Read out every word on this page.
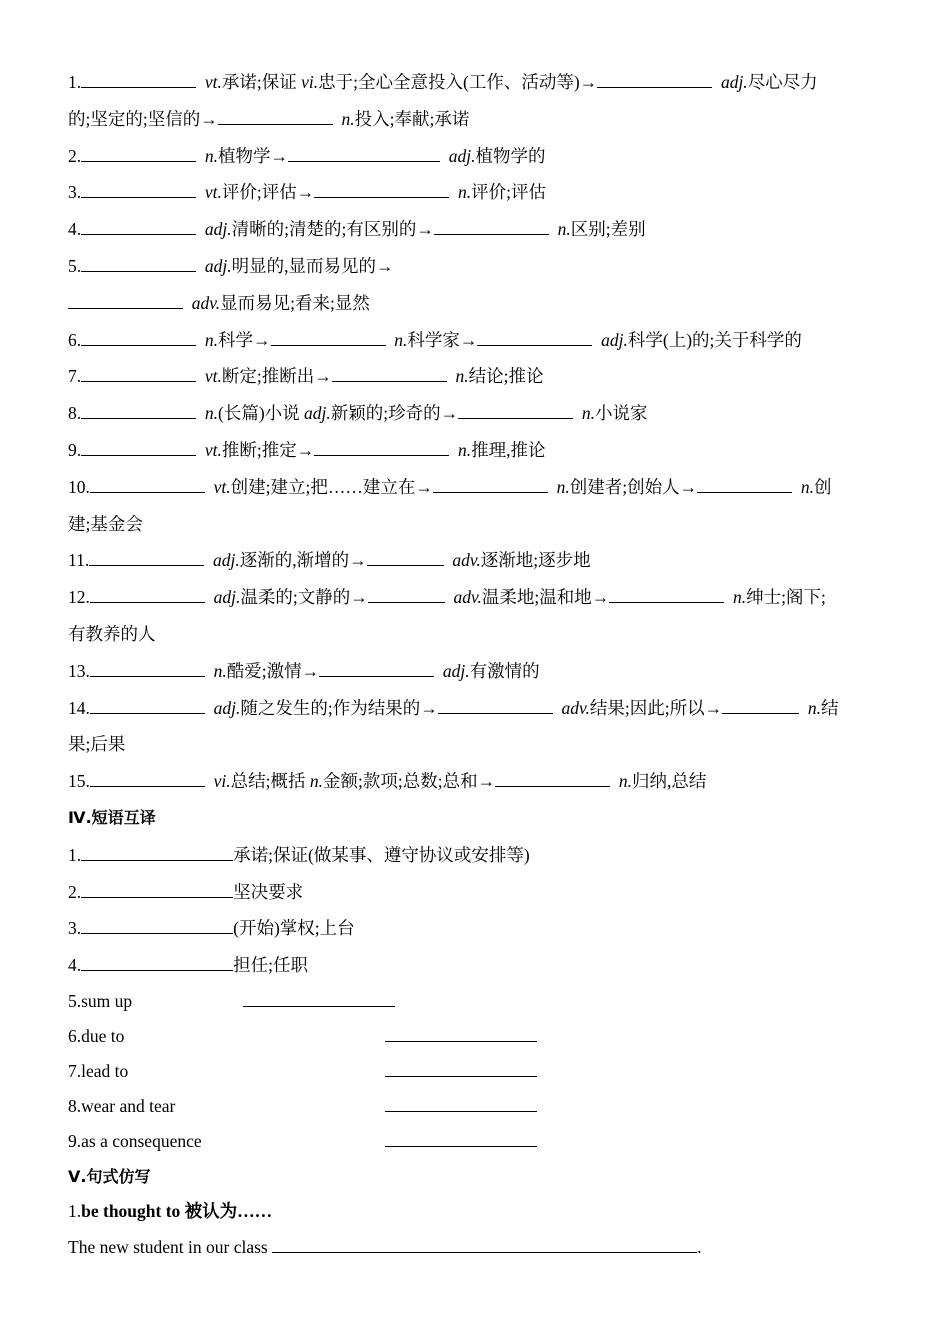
1.	vt.承诺;保证 vi.忠于;全心全意投入(工作、活动等)→	adj.尽心尽力
的;坚定的;坚信的→	n.投入;奉献;承诺
2.	n.植物学→	adj.植物学的
3.	vt.评价;评估→	n.评价;评估
4.	adj.清晰的;清楚的;有区别的→	n.区别;差别
5.	adj.明显的,显而易见的→
adv.显而易见;看来;显然
6.	n.科学→	n.科学家→	adj.科学(上)的;关于科学的
7.	vt.断定;推断出→	n.结论;推论
8.	n.(长篇)小说 adj.新颖的;珍奇的→	n.小说家
9.	vt.推断;推定→	n.推理,推论
10.	vt.创建;建立;把……建立在→	n.创建者;创始人→	n.创
建;基金会
11.	adj.逐渐的,渐增的→	adv.逐渐地;逐步地
12.	adj.温柔的;文静的→	adv.温柔地;温和地→	n.绅士;阁下;
有教养的人
13.	n.酷爱;激情→	adj.有激情的
14.	adj.随之发生的;作为结果的→	adv.结果;因此;所以→	n.结
果;后果
15.	vi.总结;概括 n.金额;款项;总数;总和→	n.归纳,总结
Ⅳ.短语互译
1.	承诺;保证(做某事、遵守协议或安排等)
2.	坚决要求
3.	(开始)掌权;上台
4.	担任;任职
5.sum up
6.due to
7.lead to
8.wear and tear
9.as a consequence
Ⅴ.句式仿写
1.be thought to 被认为……
The new student in our class	.
